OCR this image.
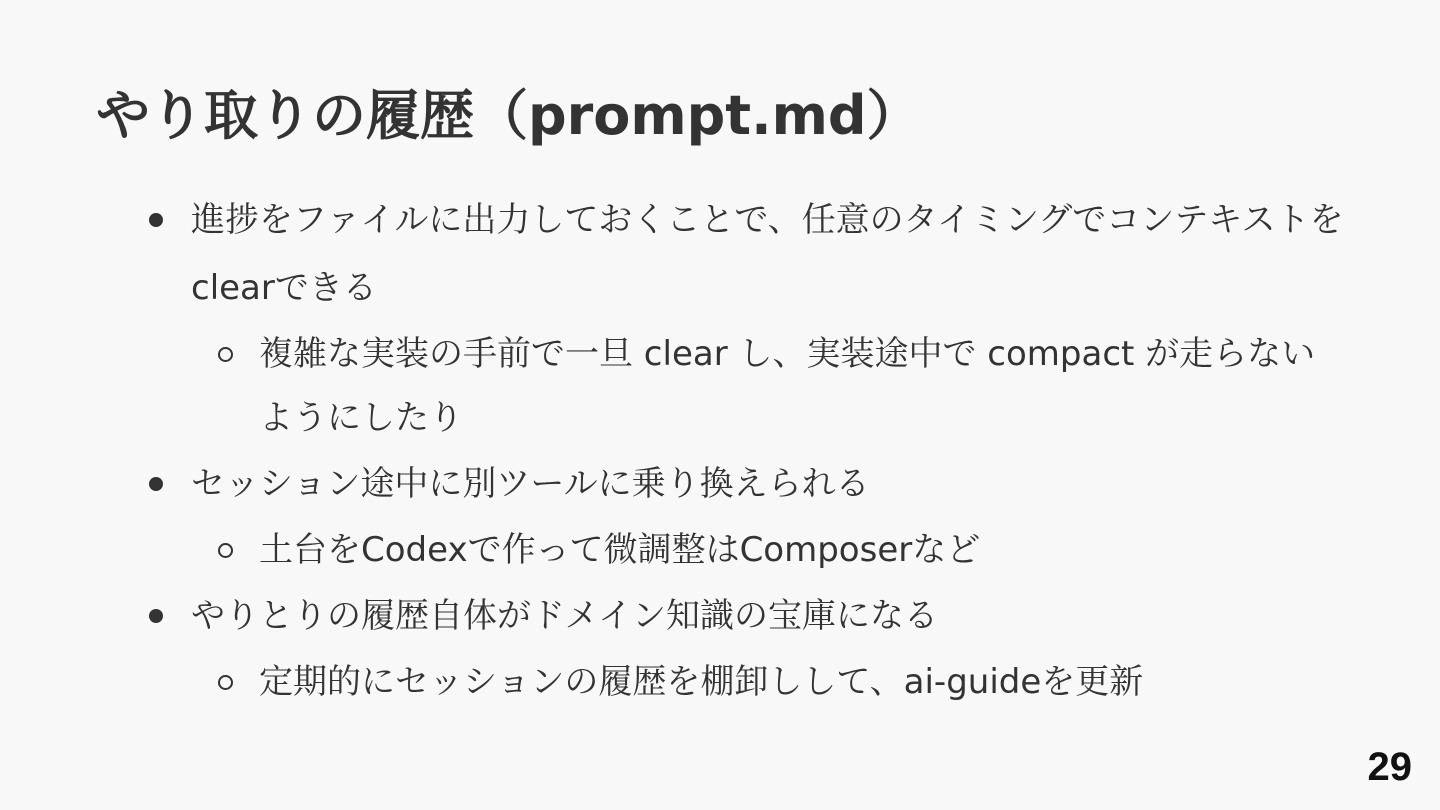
やり取りの履歴（prompt.md）
進捗をファイルに出力しておくことで、任意のタイミングでコンテキストをclearできる
複雑な実装の手前で一旦 clear し、実装途中で compact が走らないようにしたり
セッション途中に別ツールに乗り換えられる
土台をCodexで作って微調整はComposerなど
やりとりの履歴自体がドメイン知識の宝庫になる
定期的にセッションの履歴を棚卸しして、ai-guideを更新
29
